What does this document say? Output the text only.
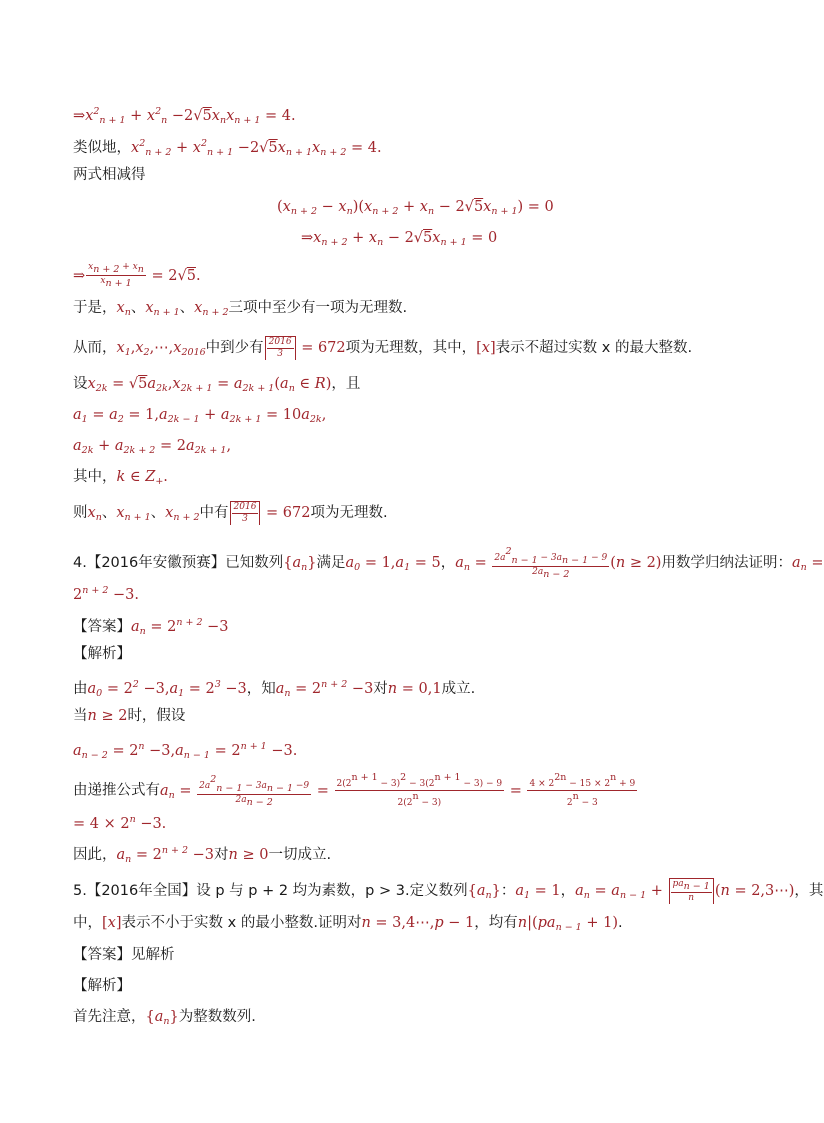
$\Rightarrow x^2_{n + 1} + x^2_n -2√5x_nx_{n + 1} = 4$.
类似地，$x^2_{n + 2} + x^2_{n + 1} -2√5x_{n + 1}x_{n + 2} = 4$.
两式相减得
$(x_{n + 2} - x_n)(x_{n + 2} + x_n - 2√5x_{n + 1}) = 0$
$\Rightarrow x_{n + 2} + x_n - 2√5x_{n + 1} = 0$
⇒ $\frac{x_{n + 2} + x_n}{x_{n + 1}} = 2√5$.
于是，$x_n$、$x_{n + 1}$、$x_{n + 2}$三项中至少有一项为无理数.
从而，$x_1,x_2,\cdots,x_{2016}$中到少有 $\frac{2016}{3} = 672$项为无理数，其中，[x]表示不超过实数 x 的最大整数.
设$x_{2k} = √5a_{2k},x_{2k + 1} = a_{2k + 1}(a_n$ ∈ R)，且
$a_1 = a_2 = 1,a_{2k - 1} + a_{2k + 1} = 10a_{2k}$,
$a_{2k} + a_{2k + 2} = 2a_{2k + 1}$,
其中，k ∈ $Z_+$.
则$x_n$、$x_{n + 1}$、$x_{n + 2}$中有 $\frac{2016}{3} = 672$项为无理数.
4.【2016年安徽预赛】已知数列$\{a_n\}$满足$a_0 = 1,a_1 = 5$，$a_n = \frac{2a^2_{n - 1} - 3a_{n - 1} - 9}{2a_{n - 2}} (n \ge 2)$用数学归纳法证明：$a_n$ =
$2^{n + 2} -3$.
【答案】$a_n = 2^{n + 2} -3$
【解析】
由$a_0 = 2^2 -3,a_1 = 2^3 -3$，知$a_n = 2^{n + 2} -3$对n = 0,1成立.
当n ≥ 2时，假设
$a_{n - 2} = 2^n -3,a_{n - 1} = 2^{n + 1} -3$.
由递推公式有$a_n = \frac{2a^2_{n - 1} - 3a_{n - 1} -9}{2a_{n - 2}} = \frac{2(2^{n + 1} - 3)^2 - 3(2^{n + 1} - 3) - 9}{2(2^n - 3)} = \frac{4 \times 2^{2n} - 15 \times 2^n + 9}{2^n - 3}$
= $4 \times 2^n -3$.
因此，$a_n = 2^{n + 2} -3$对n ≥ 0一切成立.
5.【2016年全国】设 p 与 p + 2 均为素数，p > 3.定义数列$\{a_n\}$：$a_1 = 1$，$a_n = a_{n - 1} + \frac{pa_{n - 1}}{n} (n$ = 2,3⋯)，其
中，[x]表示不小于实数 x 的最小整数.证明对n = 3,4⋯,p − 1，均有$n|(pa_{n - 1} + 1)$.
【答案】见解析
【解析】
首先注意，$\{a_n\}$为整数数列.
